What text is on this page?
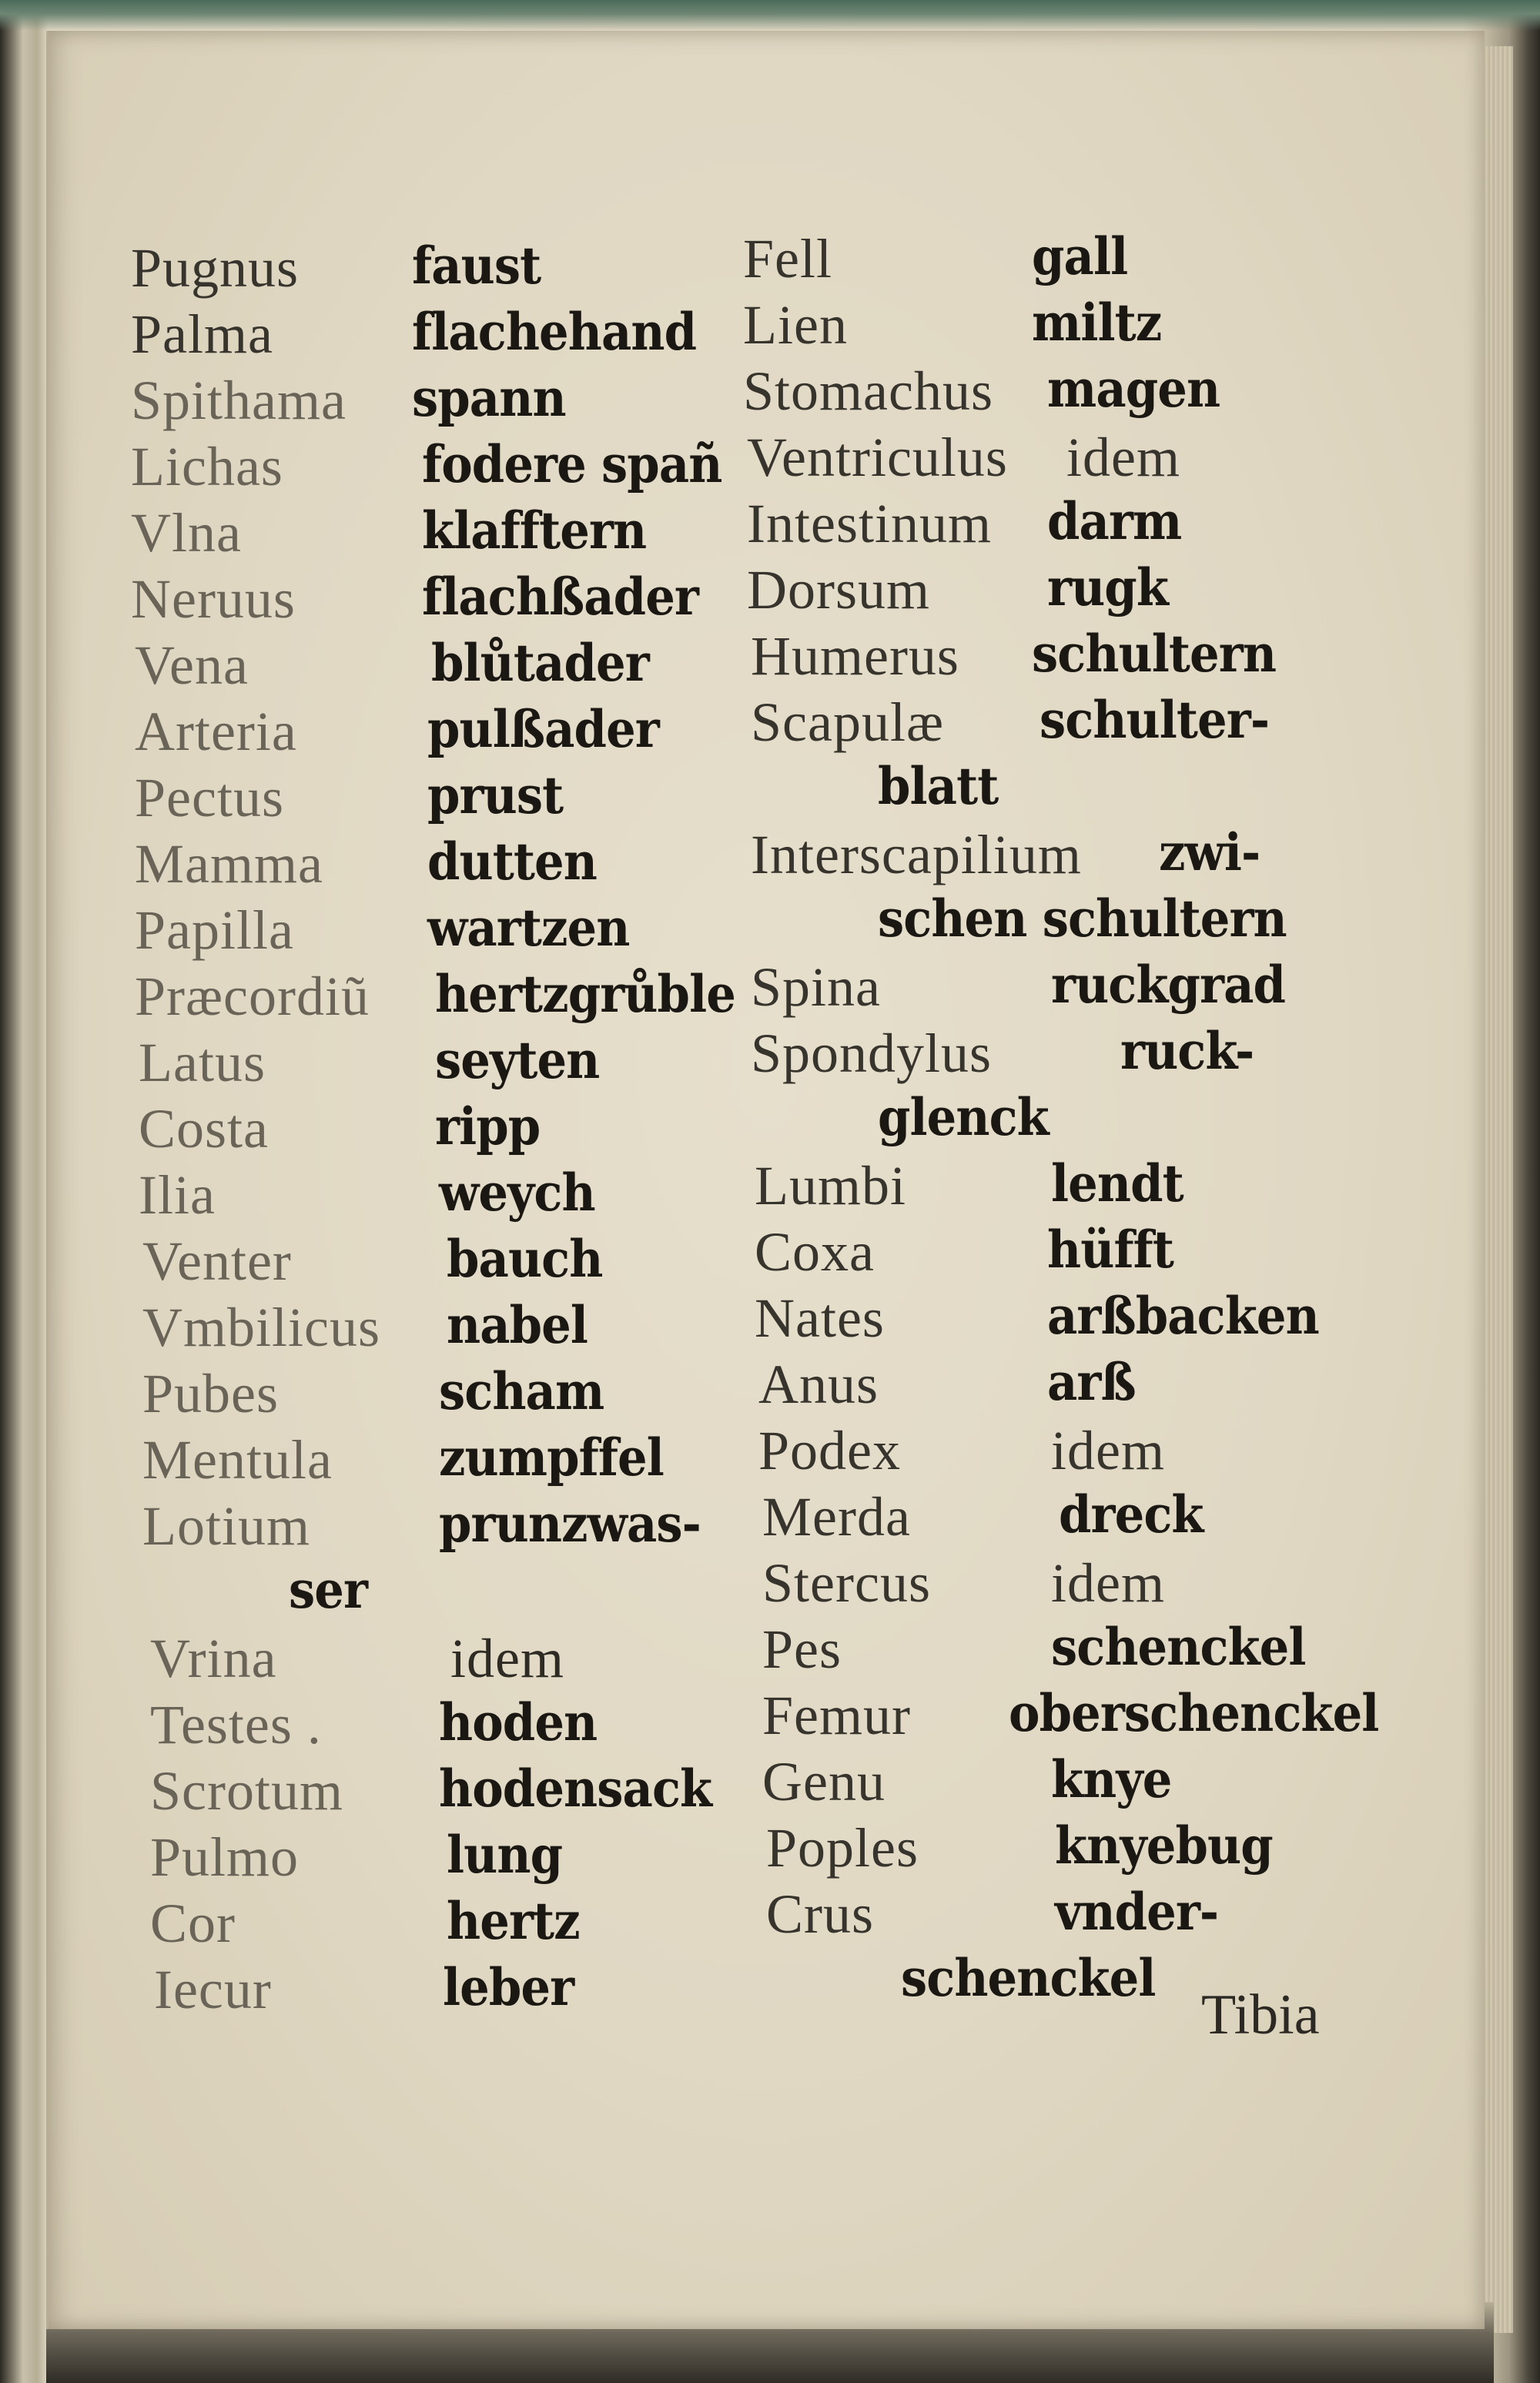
Pugnus faust
Palma	flachehand
Spithama spann
Lichas	fodere spañ
Vlna	klafftern
Neruus flachßader
Vena	blůtader
Arteria	pulßader
Pectus	prust
Mamma dutten
Papilla	wartzen
Præcordiũ hertzgrůble
Latus	seyten
Costa	ripp
Ilia	weych
Venter	bauch
Vmbilicus nabel
Pubes	scham
Mentula zumpffel
Lotium	prunzwas-
ser
Vrina	idem
Testes . hoden
Scrotum hodensack
Pulmo	lung
Cor	hertz
Iecur	leber
Fell	gall
Lien	miltz
Stomachus magen
Ventriculus idem
Intestinum darm
Dorsum rugk
Humerus schultern
Scapulæ schulter-
blatt
Interscapilium zwi-
schen schultern
Spina	ruckgrad
Spondylus	ruck-
glenck
Lumbi	lendt
Coxa	hüfft
Nates	arßbacken
Anus	arß
Podex	idem
Merda	dreck
Stercus idem
Pes	schenckel
Femur oberschenckel
Genu	knye
Poples	knyebug
Crus	vnder-
schenckel
Tibia
